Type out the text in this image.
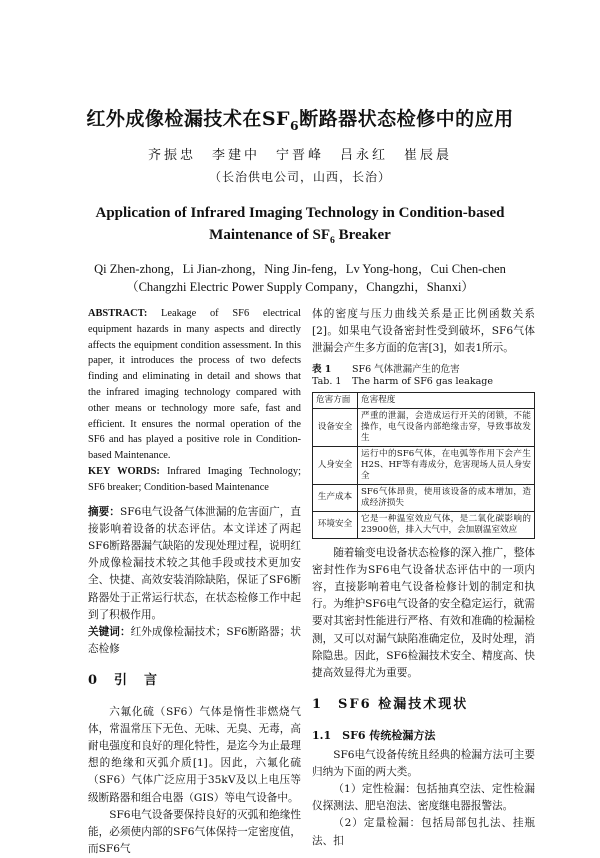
红外成像检漏技术在$SF_6$断路器状态检修中的应用
齐振忠　李建中　宁晋峰　吕永红　崔辰晨
（长治供电公司，山西，长治）
Application of Infrared Imaging Technology in Condition-based
Maintenance of $SF_6$ Breaker
Qi Zhen-zhong，Li Jian-zhong，Ning Jin-feng，Lv Yong-hong，Cui Chen-chen
（Changzhi Electric Power Supply Company，Changzhi，Shanxi）

ABSTRACT: Leakage of SF6 electrical equipment hazards in many aspects and directly affects the equipment condition assessment. In this paper, it introduces the process of two defects finding and eliminating in detail and shows that the infrared imaging technology compared with other means or technology more safe, fast and efficient. It ensures the normal operation of the SF6 and has played a positive role in Condition-based Maintenance.

KEY WORDS: Infrared Imaging Technology; SF6 breaker; Condition-based Maintenance

摘要：SF6电气设备气体泄漏的危害面广，直接影响着设备的状态评估。本文详述了两起SF6断路器漏气缺陷的发现处理过程，说明红外成像检漏技术较之其他手段或技术更加安全、快捷、高效安装消除缺陷，保证了SF6断路器处于正常运行状态，在状态检修工作中起到了积极作用。

关键词：红外成像检漏技术；SF6断路器；状态检修

0　引　言

六氟化硫（SF6）气体是惰性非燃烧气体，常温常压下无色、无味、无臭、无毒，高耐电强度和良好的理化特性，是迄今为止最理想的绝缘和灭弧介质[1]。因此，六氟化硫（SF6）气体广泛应用于35kV及以上电压等级断路器和组合电器（GIS）等电气设备中。

SF6电气设备要保持良好的灭弧和绝缘性能，必须使内部的SF6气体保持一定密度值，而SF6气

体的密度与压力曲线关系是正比例函数关系[2]。如果电气设备密封性受到破坏，SF6气体泄漏会产生多方面的危害[3]，如表1所示。

表 1	SF6 气体泄漏产生的危害
Tab. 1	The harm of SF6 gas leakage
危害方面	危害程度
设备安全	严重的泄漏，会造成运行开关的闭锁，不能操作，电气设备内部绝缘击穿，导致事故发生
人身安全	运行中的SF6气体，在电弧等作用下会产生H2S、HF等有毒成分，危害现场人员人身安全
生产成本	SF6气体昂贵，使用该设备的成本增加，造成经济损失
环境安全	它是一种温室效应气体，是二氧化碳影响的23900倍，排入大气中，会加剧温室效应

随着输变电设备状态检修的深入推广，整体密封性作为SF6电气设备状态评估中的一项内容，直接影响着电气设备检修计划的制定和执行。为维护SF6电气设备的安全稳定运行，就需要对其密封性能进行严格、有效和准确的检漏检测，又可以对漏气缺陷准确定位，及时处理，消除隐患。因此，SF6检漏技术安全、精度高、快捷高效显得尤为重要。

1　SF6 检漏技术现状
1.1　SF6 传统检漏方法

SF6电气设备传统且经典的检漏方法可主要归纳为下面的两大类。

（1）定性检漏：包括抽真空法、定性检漏仪探测法、肥皂泡法、密度继电器报警法。

（2）定量检漏：包括局部包扎法、挂瓶法、扣
